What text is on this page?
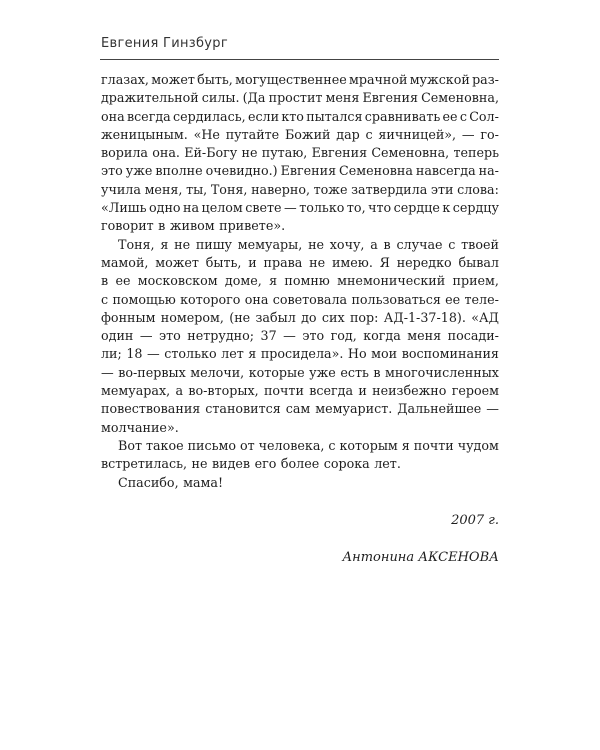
Евгения Гинзбург
глазах, может быть, могущественнее мрачной мужской раз-
дражительной силы. (Да простит меня Евгения Семеновна,
она всегда сердилась, если кто пытался сравнивать ее с Сол-
женицыным. «Не путайте Божий дар с яичницей», — го-
ворила она. Ей-Богу не путаю, Евгения Семеновна, теперь
это уже вполне очевидно.) Евгения Семеновна навсегда на-
учила меня, ты, Тоня, наверно, тоже затвердила эти слова:
«Лишь одно на целом свете — только то, что сердце к сердцу
говорит в живом привете».
Тоня, я не пишу мемуары, не хочу, а в случае с твоей
мамой, может быть, и права не имею. Я нередко бывал
в ее московском доме, я помню мнемонический прием,
с помощью которого она советовала пользоваться ее теле-
фонным номером, (не забыл до сих пор: АД-1-37-18). «АД
один — это нетрудно; 37 — это год, когда меня посади-
ли; 18 — столько лет я просидела». Но мои воспоминания
— во-первых мелочи, которые уже есть в многочисленных
мемуарах, а во-вторых, почти всегда и неизбежно героем
повествования становится сам мемуарист. Дальнейшее —
молчание».
Вот такое письмо от человека, с которым я почти чудом
встретилась, не видев его более сорока лет.
Спасибо, мама!
2007 г.
Антонина АКСЕНОВА
